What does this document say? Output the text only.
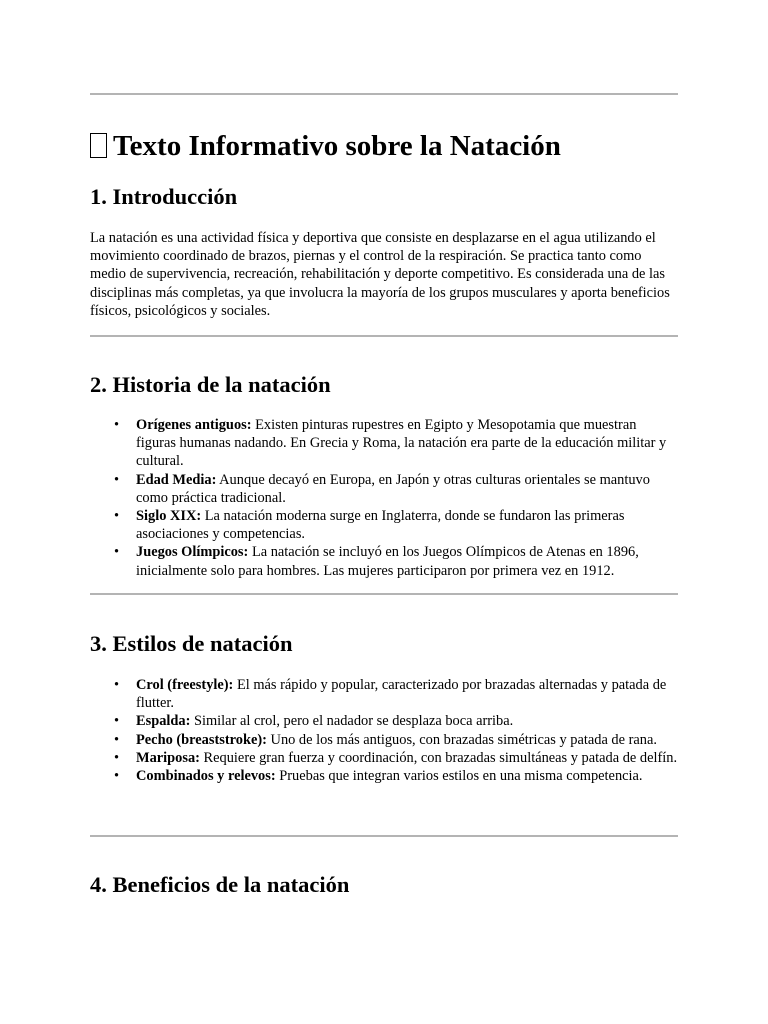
Texto Informativo sobre la Natación
1. Introducción

La natación es una actividad física y deportiva que consiste en desplazarse en el agua utilizando el movimiento coordinado de brazos, piernas y el control de la respiración. Se practica tanto como medio de supervivencia, recreación, rehabilitación y deporte competitivo. Es considerada una de las disciplinas más completas, ya que involucra la mayoría de los grupos musculares y aporta beneficios físicos, psicológicos y sociales.

2. Historia de la natación
• Orígenes antiguos: Existen pinturas rupestres en Egipto y Mesopotamia que muestran figuras humanas nadando. En Grecia y Roma, la natación era parte de la educación militar y cultural.
• Edad Media: Aunque decayó en Europa, en Japón y otras culturas orientales se mantuvo como práctica tradicional.
• Siglo XIX: La natación moderna surge en Inglaterra, donde se fundaron las primeras asociaciones y competencias.
• Juegos Olímpicos: La natación se incluyó en los Juegos Olímpicos de Atenas en 1896, inicialmente solo para hombres. Las mujeres participaron por primera vez en 1912.
3. Estilos de natación
• Crol (freestyle): El más rápido y popular, caracterizado por brazadas alternadas y patada de flutter.
• Espalda: Similar al crol, pero el nadador se desplaza boca arriba.
• Pecho (breaststroke): Uno de los más antiguos, con brazadas simétricas y patada de rana.
• Mariposa: Requiere gran fuerza y coordinación, con brazadas simultáneas y patada de delfín.
• Combinados y relevos: Pruebas que integran varios estilos en una misma competencia.
4. Beneficios de la natación
